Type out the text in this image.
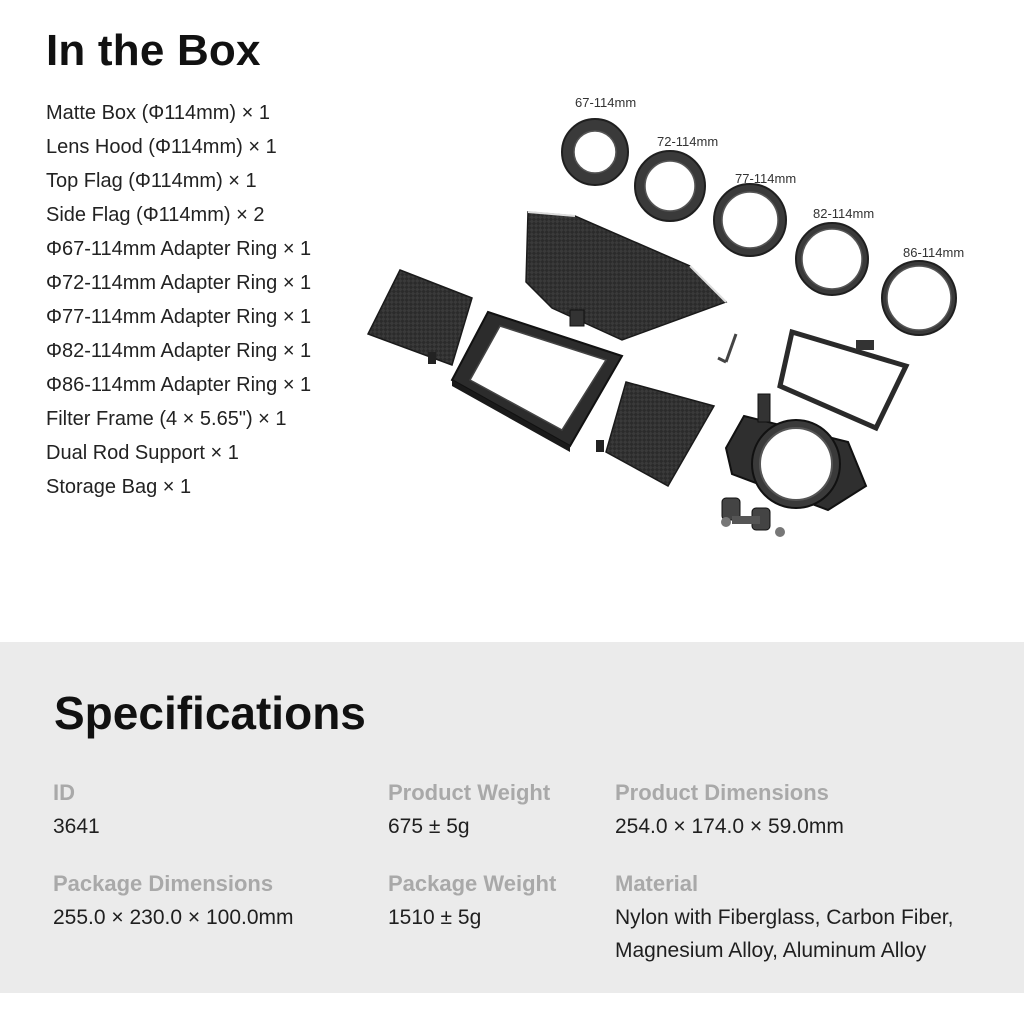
In the Box
Matte Box (Φ114mm) × 1
Lens Hood (Φ114mm) × 1
Top Flag (Φ114mm) × 1
Side Flag (Φ114mm) × 2
Φ67-114mm Adapter Ring × 1
Φ72-114mm Adapter Ring × 1
Φ77-114mm Adapter Ring × 1
Φ82-114mm Adapter Ring × 1
Φ86-114mm Adapter Ring × 1
Filter Frame (4 × 5.65") × 1
Dual Rod Support × 1
Storage Bag × 1
67-114mm
72-114mm
77-114mm
82-114mm
86-114mm
Specifications
ID
3641
Product Weight
675 ± 5g
Product Dimensions
254.0 × 174.0 × 59.0mm
Package Dimensions
255.0 × 230.0 × 100.0mm
Package Weight
1510 ± 5g
Material
Nylon with Fiberglass, Carbon Fiber,
Magnesium Alloy, Aluminum Alloy
